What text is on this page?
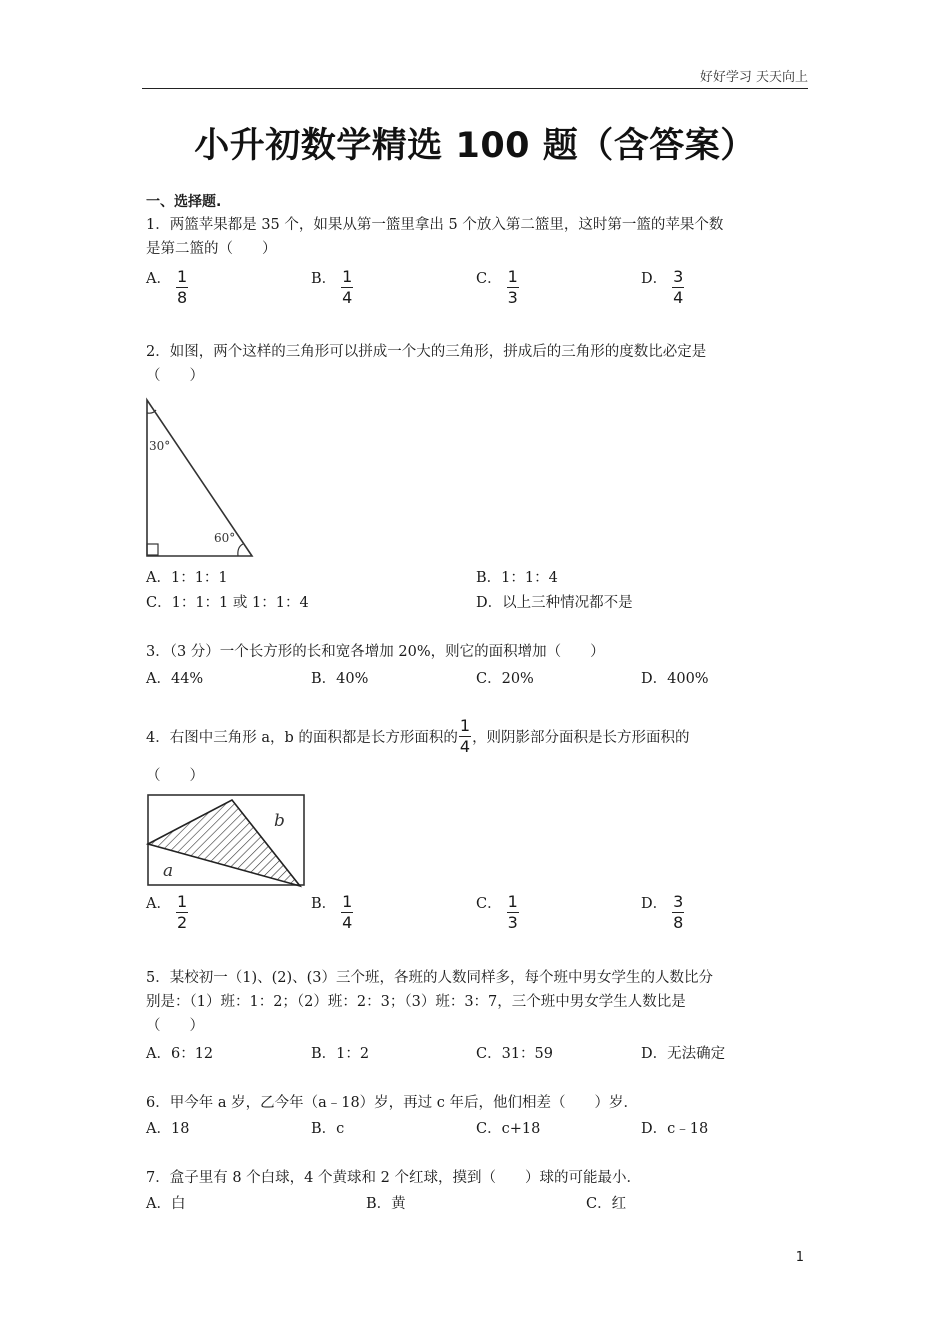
好好学习 天天向上
小升初数学精选 100 题（含答案）
一、选择题.
1．两篮苹果都是 35 个，如果从第一篮里拿出 5 个放入第二篮里，这时第一篮的苹果个数
是第二篮的（　　）
A． $\frac{1}{8}$	B． $\frac{1}{4}$	C． $\frac{1}{3}$	D． $\frac{3}{4}$
2．如图，两个这样的三角形可以拼成一个大的三角形，拼成后的三角形的度数比必定是
（　　）
30°
60°
A．1：1：1	B．1：1：4
C．1：1：1 或 1：1：4	D．以上三种情况都不是
3．（3 分）一个长方形的长和宽各增加 20%，则它的面积增加（　　）
A．44%	B．40%	C．20%	D．400%
4．右图中三角形 a，b 的面积都是长方形面积的 $\frac{1}{4}$ ，则阴影部分面积是长方形面积的
（　　）
b
a
A． $\frac{1}{2}$	B． $\frac{1}{4}$	C． $\frac{1}{3}$	D． $\frac{3}{8}$
5．某校初一（1)、(2)、(3）三个班，各班的人数同样多，每个班中男女学生的人数比分
别是：（1）班：1：2；（2）班：2：3；（3）班：3：7，三个班中男女学生人数比是
（　　）
A．6：12	B．1：2	C．31：59	D．无法确定
6．甲今年 a 岁，乙今年（a﹣18）岁，再过 c 年后，他们相差（　　）岁．
A．18	B．c	C．c+18	D．c﹣18
7．盒子里有 8 个白球，4 个黄球和 2 个红球，摸到（　　）球的可能最小．
A．白	B．黄	C．红
1
